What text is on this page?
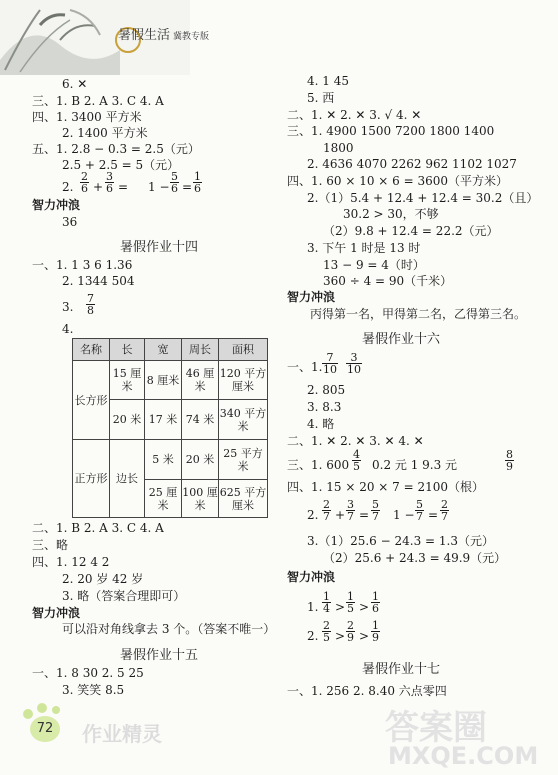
暑假生活 冀教专版
6. ✕
三、1. B 2. A 3. C 4. A
四、1. 3400 平方米
2. 1400 平方米
五、1. 2.8 − 0.3 = 2.5（元）
2.5 + 2.5 = 5（元）
2. $\frac{2}{6} + \frac{3}{6} = 1 - \frac{5}{6} = \frac{1}{6}$
智力冲浪
36
暑假作业十四
一、1. 1 3 6 1.36
2. 1344 504
3. $\frac{7}{8}$
4.
名称	长	宽	周长	面积
长方形	15 厘米	8 厘米	46 厘米	120 平方厘米
	20 米	17 米	74 米	340 平方米
正方形	边长	5 米	20 米	25 平方米
		25 厘米	100 厘米	625 平方厘米
二、1. B 2. A 3. C 4. A
三、略
四、1. 12 4 2
2. 20 岁 42 岁
3. 略（答案合理即可）
智力冲浪
可以沿对角线拿去 3 个。（答案不唯一）
暑假作业十五
一、1. 8 30 2. 5 25
3. 笑笑 8.5
4. 1 45
5. 西
二、1. ✕ 2. ✕ 3. √ 4. ✕
三、1. 4900 1500 7200 1800 1400
1800
2. 4636 4070 2262 962 1102 1027
四、1. 60 × 10 × 6 = 3600（平方米）
2.（1）5.4 + 12.4 + 12.4 = 30.2（且）
30.2 > 30，不够
（2）9.8 + 12.4 = 22.2（元）
3. 下午 1 时是 13 时
13 − 9 = 4（时）
360 ÷ 4 = 90（千米）
智力冲浪
丙得第一名，甲得第二名，乙得第三名。
暑假作业十六
一、1. $\frac{7}{10} \frac{3}{10}$
2. 805
3. 8.3
4. 略
二、1. ✕ 2. ✕ 3. ✕ 4. ✕
三、1. $600 \frac{4}{5} 0.2$ 元 1 9.3 元	$\frac{8}{9}$
四、1. 15 × 20 × 7 = 2100（根）
2. $\frac{2}{7} + \frac{3}{7} = \frac{5}{7} 1 - \frac{5}{7} = \frac{2}{7}$
3.（1）25.6 − 24.3 = 1.3（元）
（2）25.6 + 24.3 = 49.9（元）
智力冲浪
1. $\frac{1}{4} > \frac{1}{5} > \frac{1}{6}$
2. $\frac{2}{5} > \frac{2}{9} > \frac{1}{9}$
暑假作业十七
一、1. 256 2. 8.40 六点零四
72	作业精灵	答案圈
MXQE.COM
